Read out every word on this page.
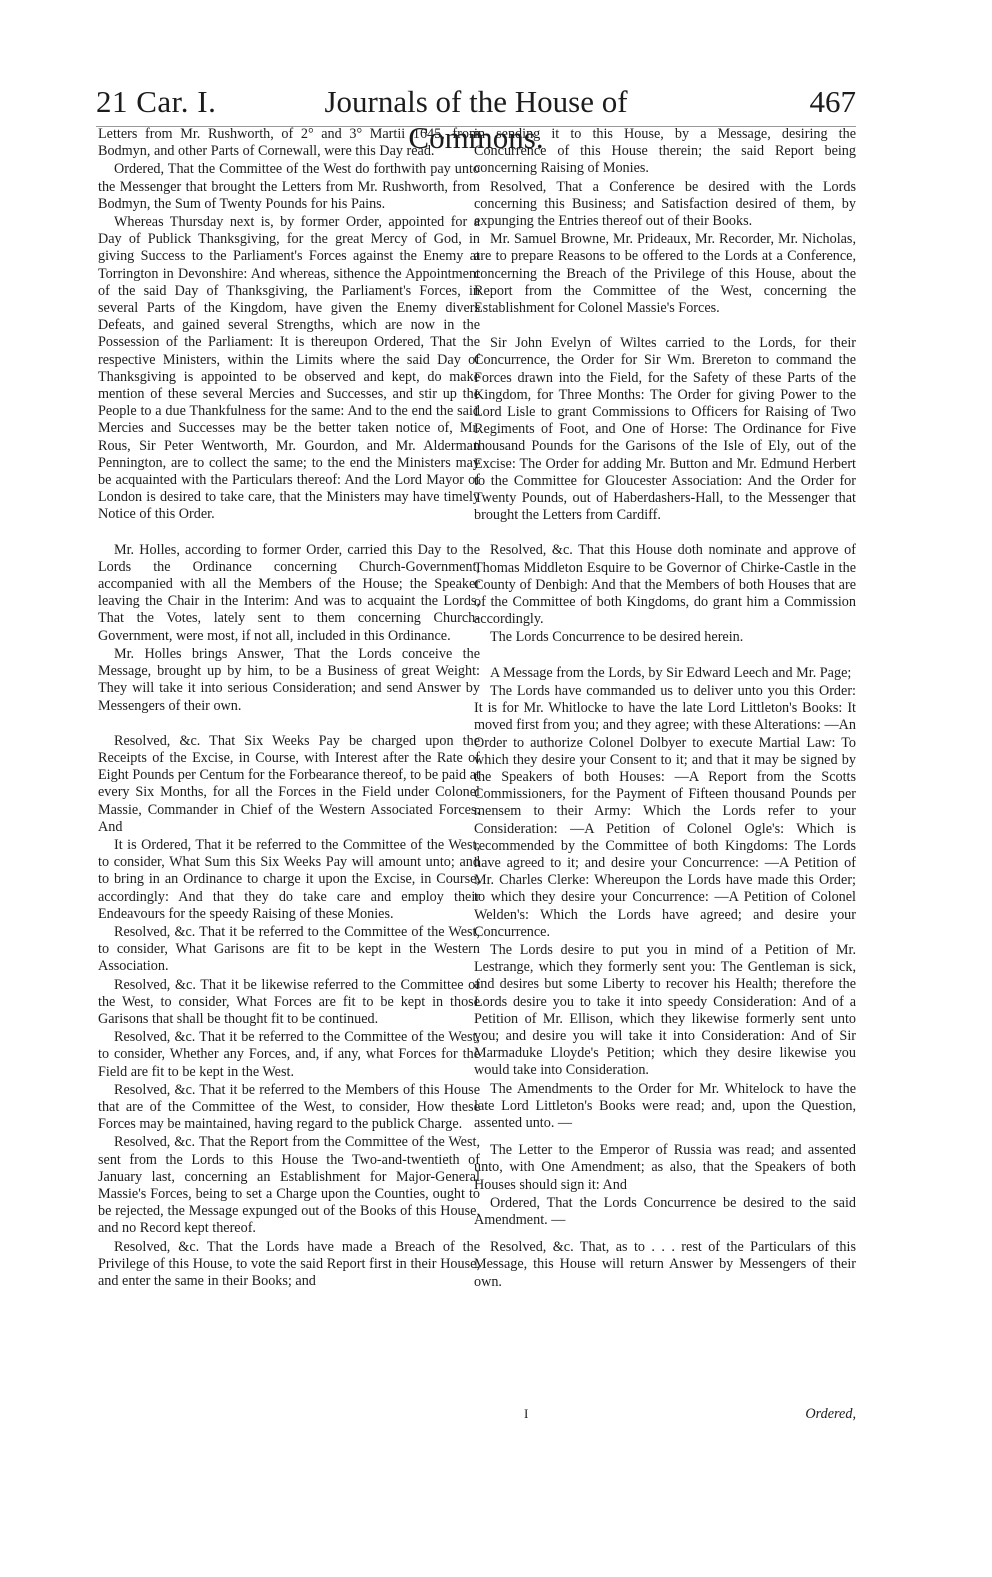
21 Car. I.	Journals of the House of Commons.
467

Letters from Mr. Rushworth, of 2° and 3° Martii 1645, from Bodmyn, and other Parts of Cornewall, were this Day read.

Ordered, That the Committee of the West do forthwith pay unto the Messenger that brought the Letters from Mr. Rushworth, from Bodmyn, the Sum of Twenty Pounds for his Pains.

Whereas Thursday next is, by former Order, appointed for a Day of Publick Thanksgiving, for the great Mercy of God, in giving Success to the Parliament's Forces against the Enemy at Torrington in Devonshire: And whereas, sithence the Appointment of the said Day of Thanksgiving, the Parliament's Forces, in several Parts of the Kingdom, have given the Enemy divers Defeats, and gained several Strengths, which are now in the Possession of the Parliament: It is thereupon Ordered, That the respective Ministers, within the Limits where the said Day of Thanksgiving is appointed to be observed and kept, do make mention of these several Mercies and Successes, and stir up the People to a due Thankfulness for the same: And to the end the said Mercies and Successes may be the better taken notice of, Mr. Rous, Sir Peter Wentworth, Mr. Gourdon, and Mr. Alderman Pennington, are to collect the same; to the end the Ministers may be acquainted with the Particulars thereof: And the Lord Mayor of London is desired to take care, that the Ministers may have timely Notice of this Order.

Mr. Holles, according to former Order, carried this Day to the Lords the Ordinance concerning Church-Government, accompanied with all the Members of the House; the Speaker leaving the Chair in the Interim: And was to acquaint the Lords, That the Votes, lately sent to them concerning Church-Government, were most, if not all, included in this Ordinance.

Mr. Holles brings Answer, That the Lords conceive the Message, brought up by him, to be a Business of great Weight: They will take it into serious Consideration; and send Answer by Messengers of their own.

Resolved, &c. That Six Weeks Pay be charged upon the Receipts of the Excise, in Course, with Interest after the Rate of Eight Pounds per Centum for the Forbearance thereof, to be paid at every Six Months, for all the Forces in the Field under Colonel Massie, Commander in Chief of the Western Associated Forces. And

It is Ordered, That it be referred to the Committee of the West, to consider, What Sum this Six Weeks Pay will amount unto; and to bring in an Ordinance to charge it upon the Excise, in Course, accordingly: And that they do take care and employ their Endeavours for the speedy Raising of these Monies.

Resolved, &c. That it be referred to the Committee of the West, to consider, What Garisons are fit to be kept in the Western Association.

Resolved, &c. That it be likewise referred to the Committee of the West, to consider, What Forces are fit to be kept in those Garisons that shall be thought fit to be continued.

Resolved, &c. That it be referred to the Committee of the West, to consider, Whether any Forces, and, if any, what Forces for the Field are fit to be kept in the West.

Resolved, &c. That it be referred to the Members of this House that are of the Committee of the West, to consider, How these Forces may be maintained, having regard to the publick Charge.

Resolved, &c. That the Report from the Committee of the West, sent from the Lords to this House the Two-and-twentieth of January last, concerning an Establishment for Major-General Massie's Forces, being to set a Charge upon the Counties, ought to be rejected, the Message expunged out of the Books of this House, and no Record kept thereof.

Resolved, &c. That the Lords have made a Breach of the Privilege of this House, to vote the said Report first in their House, and enter the same in their Books; and

in sending it to this House, by a Message, desiring the Concurrence of this House therein; the said Report being concerning Raising of Monies.

Resolved, That a Conference be desired with the Lords concerning this Business; and Satisfaction desired of them, by expunging the Entries thereof out of their Books.

Mr. Samuel Browne, Mr. Prideaux, Mr. Recorder, Mr. Nicholas, are to prepare Reasons to be offered to the Lords at a Conference, concerning the Breach of the Privilege of this House, about the Report from the Committee of the West, concerning the Establishment for Colonel Massie's Forces.

Sir John Evelyn of Wiltes carried to the Lords, for their Concurrence, the Order for Sir Wm. Brereton to command the Forces drawn into the Field, for the Safety of these Parts of the Kingdom, for Three Months: The Order for giving Power to the Lord Lisle to grant Commissions to Officers for Raising of Two Regiments of Foot, and One of Horse: The Ordinance for Five thousand Pounds for the Garisons of the Isle of Ely, out of the Excise: The Order for adding Mr. Button and Mr. Edmund Herbert to the Committee for Gloucester Association: And the Order for Twenty Pounds, out of Haberdashers-Hall, to the Messenger that brought the Letters from Cardiff.

Resolved, &c. That this House doth nominate and approve of Thomas Middleton Esquire to be Governor of Chirke-Castle in the County of Denbigh: And that the Members of both Houses that are of the Committee of both Kingdoms, do grant him a Commission accordingly.

The Lords Concurrence to be desired herein.

A Message from the Lords, by Sir Edward Leech and Mr. Page;

The Lords have commanded us to deliver unto you this Order: It is for Mr. Whitlocke to have the late Lord Littleton's Books: It moved first from you; and they agree; with these Alterations: —An Order to authorize Colonel Dolbyer to execute Martial Law: To which they desire your Consent to it; and that it may be signed by the Speakers of both Houses: —A Report from the Scotts Commissioners, for the Payment of Fifteen thousand Pounds per mensem to their Army: Which the Lords refer to your Consideration: —A Petition of Colonel Ogle's: Which is recommended by the Committee of both Kingdoms: The Lords have agreed to it; and desire your Concurrence: —A Petition of Mr. Charles Clerke: Whereupon the Lords have made this Order; to which they desire your Concurrence: —A Petition of Colonel Welden's: Which the Lords have agreed; and desire your Concurrence.

The Lords desire to put you in mind of a Petition of Mr. Lestrange, which they formerly sent you: The Gentleman is sick, and desires but some Liberty to recover his Health; therefore the Lords desire you to take it into speedy Consideration: And of a Petition of Mr. Ellison, which they likewise formerly sent unto you; and desire you will take it into Consideration: And of Sir Marmaduke Lloyde's Petition; which they desire likewise you would take into Consideration.

The Amendments to the Order for Mr. Whitelock to have the late Lord Littleton's Books were read; and, upon the Question, assented unto. —

The Letter to the Emperor of Russia was read; and assented unto, with One Amendment; as also, that the Speakers of both Houses should sign it: And

Ordered, That the Lords Concurrence be desired to the said Amendment. —

Resolved, &c. That, as to . . . rest of the Particulars of this Message, this House will return Answer by Messengers of their own.

I	Ordered,
